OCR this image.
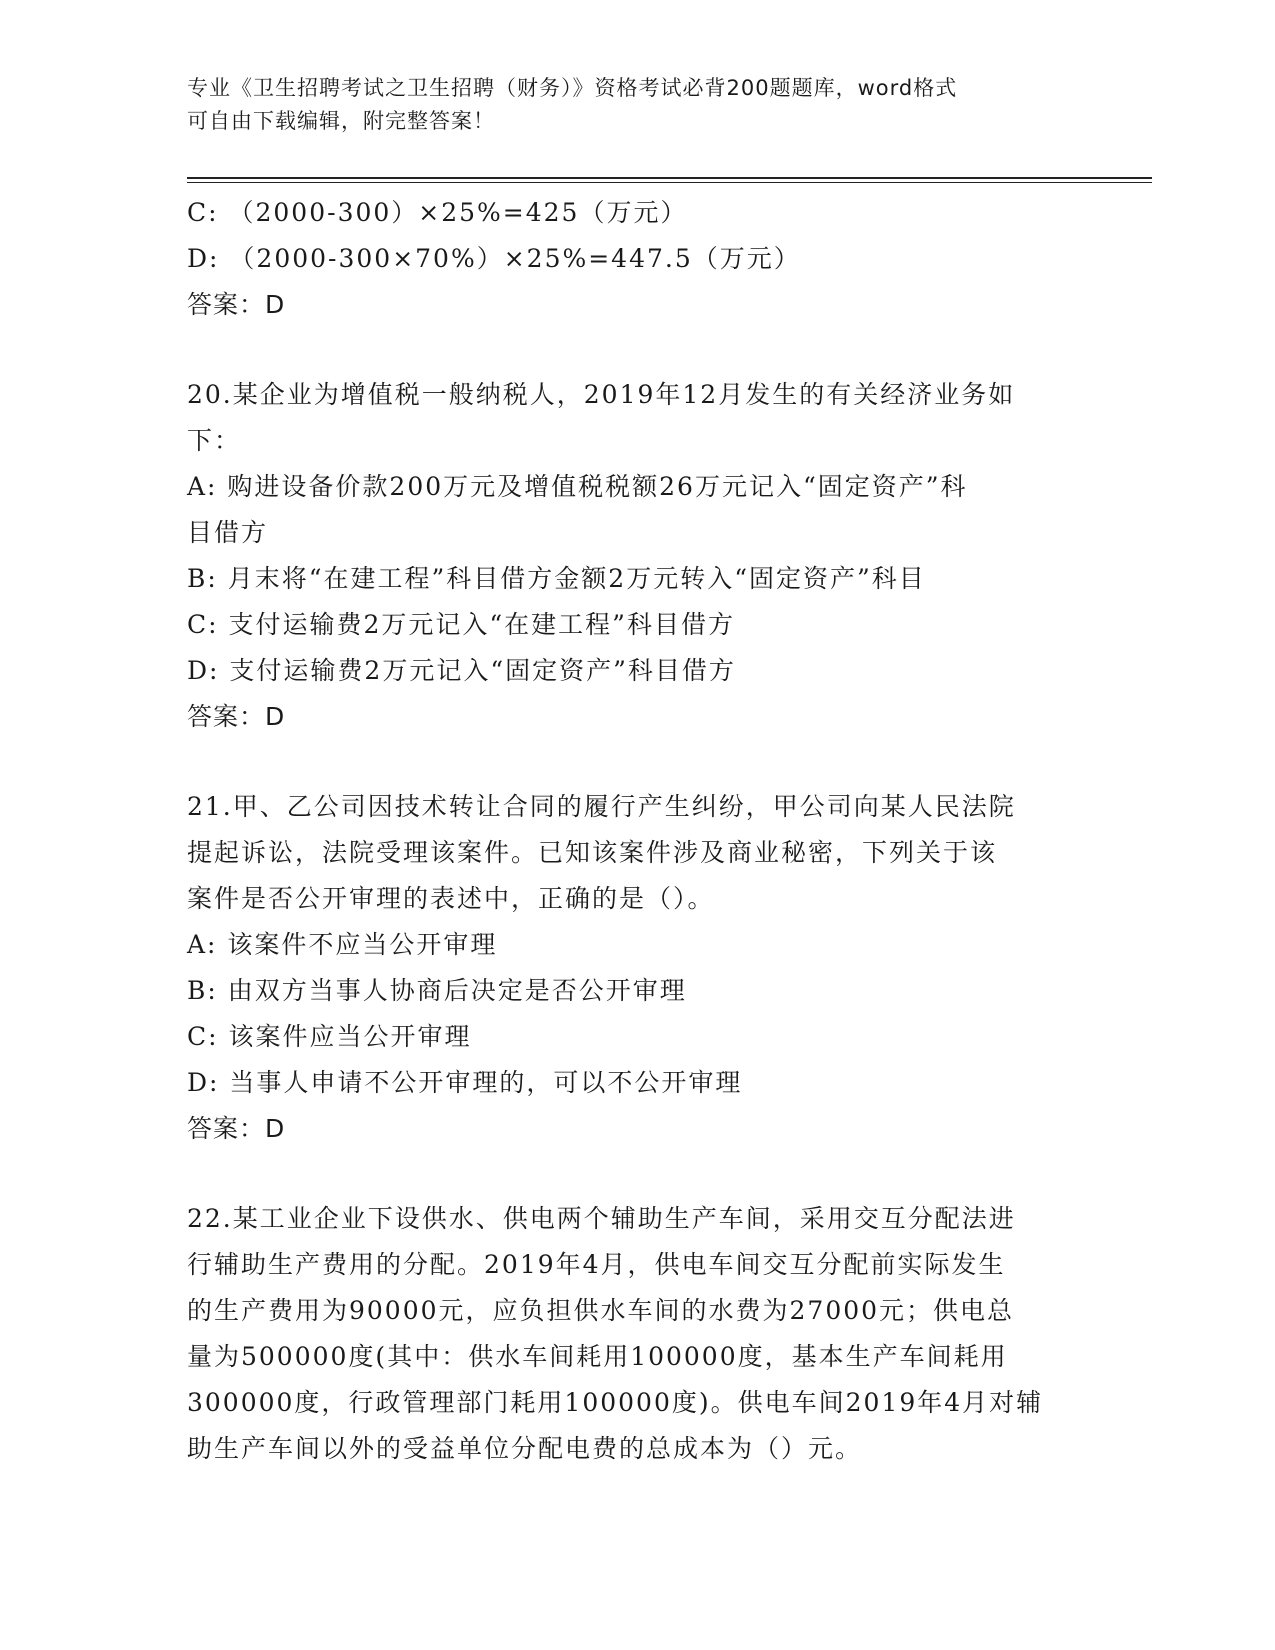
专业《卫生招聘考试之卫生招聘（财务）》资格考试必背200题题库，word格式
可自由下载编辑，附完整答案！
C: （2000-300）×25%=425（万元）
D: （2000-300×70%）×25%=447.5（万元）
答案：D
20.某企业为增值税一般纳税人，2019年12月发生的有关经济业务如
下：
A: 购进设备价款200万元及增值税税额26万元记入“固定资产”科
目借方
B: 月末将“在建工程”科目借方金额2万元转入“固定资产”科目
C: 支付运输费2万元记入“在建工程”科目借方
D: 支付运输费2万元记入“固定资产”科目借方
答案：D
21.甲、乙公司因技术转让合同的履行产生纠纷，甲公司向某人民法院
提起诉讼，法院受理该案件。已知该案件涉及商业秘密，下列关于该
案件是否公开审理的表述中，正确的是（）。
A: 该案件不应当公开审理
B: 由双方当事人协商后决定是否公开审理
C: 该案件应当公开审理
D: 当事人申请不公开审理的，可以不公开审理
答案：D
22.某工业企业下设供水、供电两个辅助生产车间，采用交互分配法进
行辅助生产费用的分配。2019年4月，供电车间交互分配前实际发生
的生产费用为90000元，应负担供水车间的水费为27000元；供电总
量为500000度(其中：供水车间耗用100000度，基本生产车间耗用
300000度，行政管理部门耗用100000度)。供电车间2019年4月对辅
助生产车间以外的受益单位分配电费的总成本为（）元。
